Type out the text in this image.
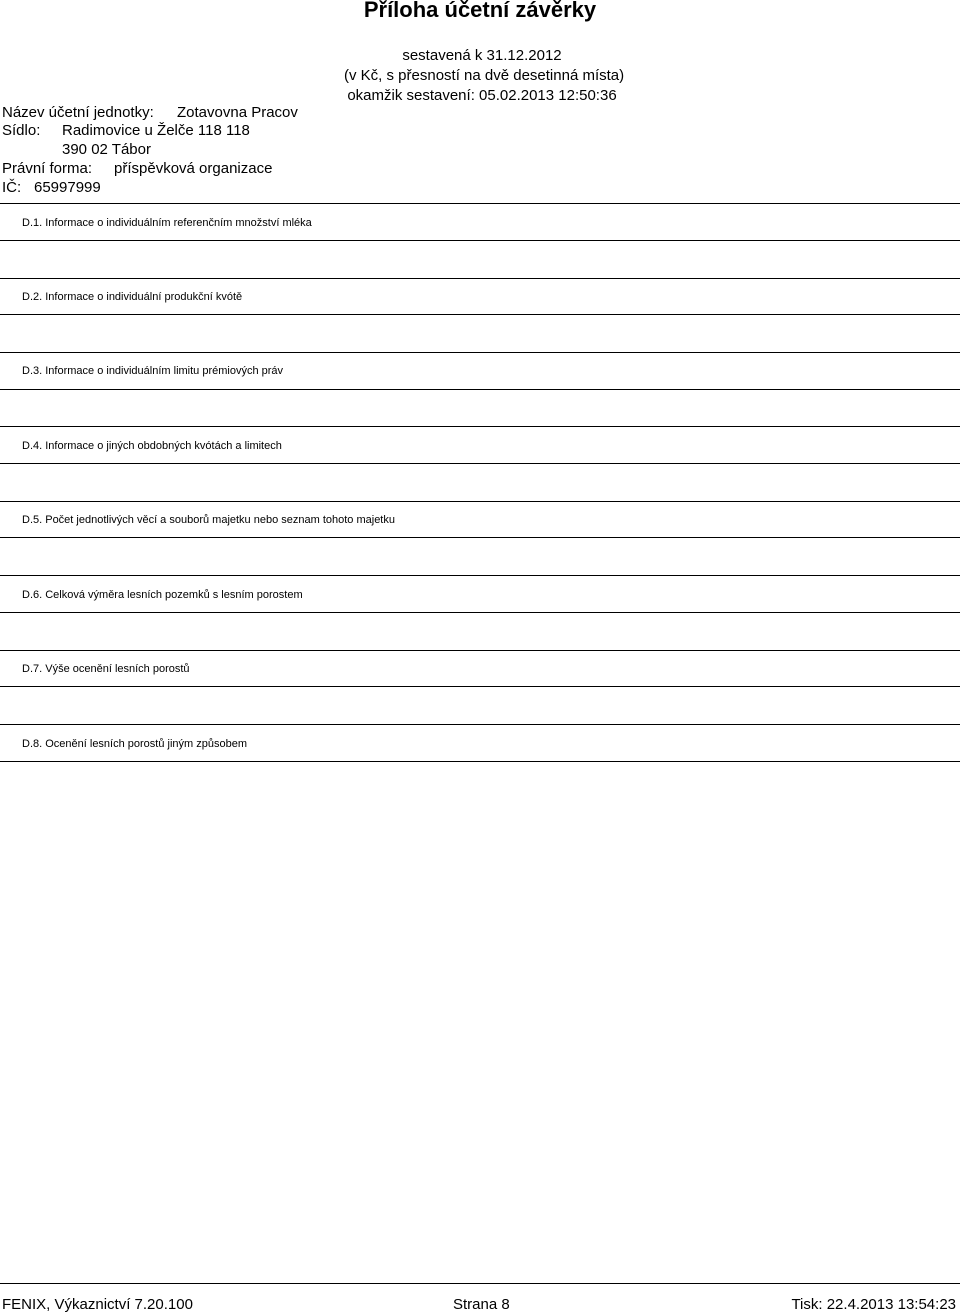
Příloha účetní závěrky
sestavená k 31.12.2012
(v Kč, s přesností na dvě desetinná místa)
okamžik sestavení: 05.02.2013 12:50:36
Název účetní jednotky: Zotavovna Pracov
Sídlo: Radimovice u Želče 118 118
390 02 Tábor
Právní forma: příspěvková organizace
IČ: 65997999
D.1. Informace o individuálním referenčním množství mléka
D.2. Informace o individuální produkční kvótě
D.3. Informace o individuálním limitu prémiových práv
D.4. Informace o jiných obdobných kvótách a limitech
D.5. Počet jednotlivých věcí a souborů majetku nebo seznam tohoto majetku
D.6. Celková výměra lesních pozemků s lesním porostem
D.7. Výše ocenění lesních porostů
D.8. Ocenění lesních porostů jiným způsobem
FENIX, Výkaznictví 7.20.100	Strana 8	Tisk: 22.4.2013 13:54:23
